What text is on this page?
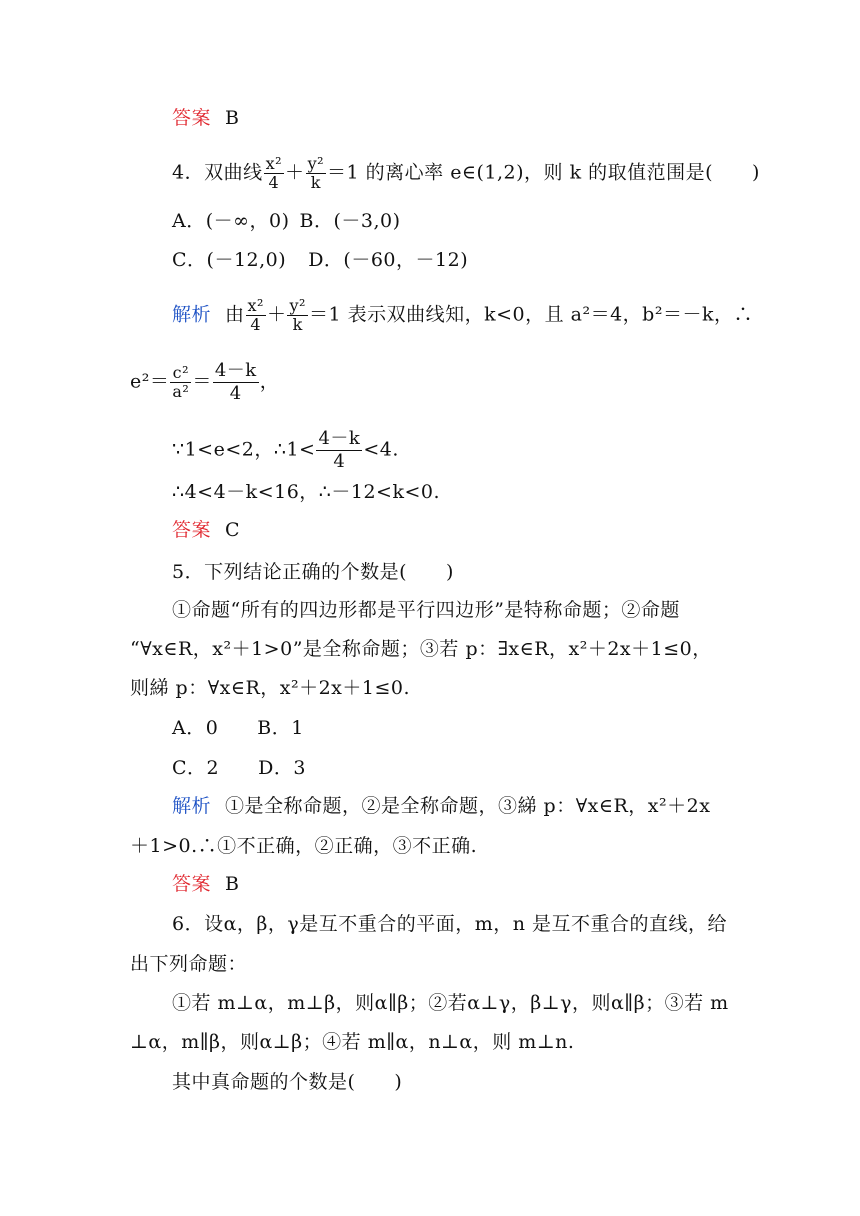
答案 B
4．双曲线 $\frac{\text{x²}}{4} + \frac{\text{y²}}{k} =1$ 的离心率 e∈(1,2)，则 k 的取值范围是(　　)
A．(－∞，0) B．(－3,0)
C．(－12,0) D．(－60，－12)
解析 由 $\frac{\text{x²}}{4} + \frac{\text{y²}}{k} =1$ 表示双曲线知，k<0，且 a²＝4，b²＝－k，∴
$e^2= \frac{\text{c²}}{\text{a²}} = \frac{4-k}{4}$ ，
∵1<e<2，∴1< $\frac{4-k}{4} <4$.
∴4<4－k<16，∴－12<k<0.
答案 C
5．下列结论正确的个数是(　　)
①命题“所有的四边形都是平行四边形”是特称命题；②命题
“∀x∈R，x²＋1>0”是全称命题；③若 p：∃x∈R，x²＋2x＋1≤0，
则綈 p：∀x∈R，x²＋2x＋1≤0.
A．0　　B．1
C．2　　D．3
解析 ①是全称命题，②是全称命题，③綈 p：∀x∈R，x²＋2x
＋1>0.∴①不正确，②正确，③不正确.
答案 B
6．设α，β，γ是互不重合的平面，m，n 是互不重合的直线，给
出下列命题：
①若 m⊥α，m⊥β，则α∥β；②若α⊥γ，β⊥γ，则α∥β；③若 m
⊥α，m∥β，则α⊥β；④若 m∥α，n⊥α，则 m⊥n.
其中真命题的个数是(　　)
